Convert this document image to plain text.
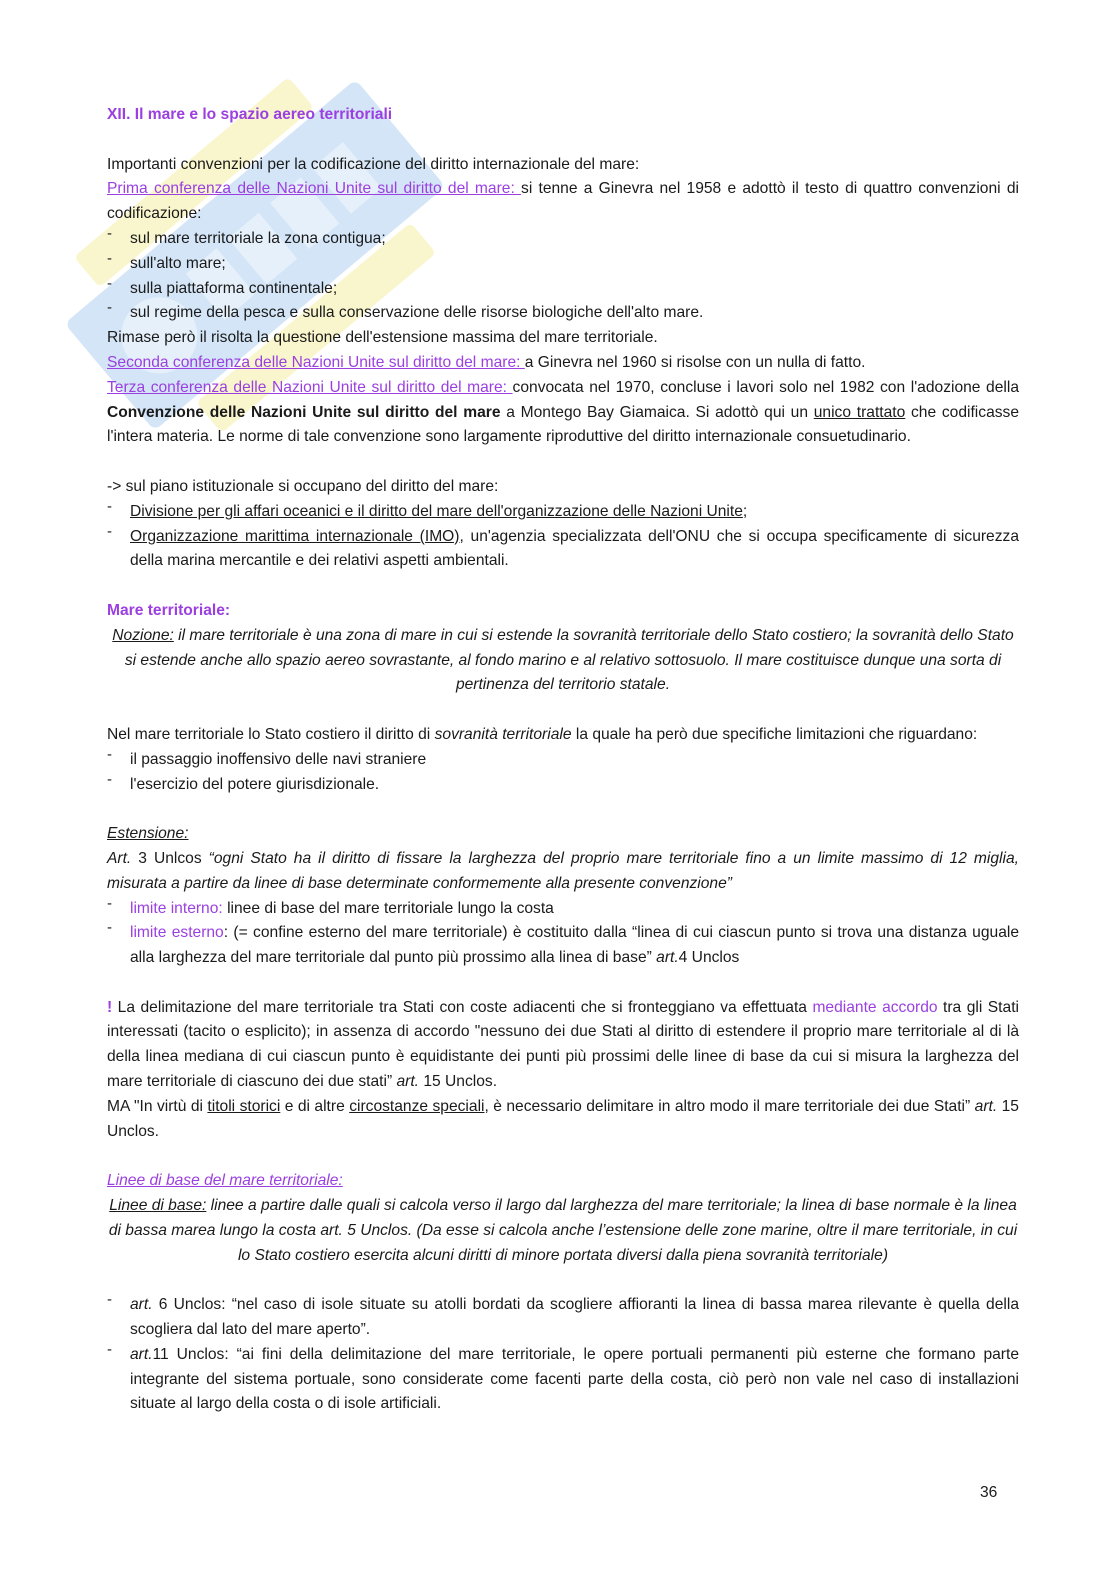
XII. Il mare e lo spazio aereo territoriali

Importanti convenzioni per la codificazione del diritto internazionale del mare:

Prima conferenza delle Nazioni Unite sul diritto del mare: si tenne a Ginevra nel 1958 e adottò il testo di quattro convenzioni di codificazione:

- sul mare territoriale la zona contigua;
- sull'alto mare;
- sulla piattaforma continentale;
- sul regime della pesca e sulla conservazione delle risorse biologiche dell'alto mare.

Rimase però il risolta la questione dell'estensione massima del mare territoriale.

Seconda conferenza delle Nazioni Unite sul diritto del mare: a Ginevra nel 1960 si risolse con un nulla di fatto.

Terza conferenza delle Nazioni Unite sul diritto del mare: convocata nel 1970, concluse i lavori solo nel 1982 con l'adozione della Convenzione delle Nazioni Unite sul diritto del mare a Montego Bay Giamaica. Si adottò qui un unico trattato che codificasse l'intera materia. Le norme di tale convenzione sono largamente riproduttive del diritto internazionale consuetudinario.

-> sul piano istituzionale si occupano del diritto del mare:

- Divisione per gli affari oceanici e il diritto del mare dell'organizzazione delle Nazioni Unite;
- Organizzazione marittima internazionale (IMO), un'agenzia specializzata dell'ONU che si occupa specificamente di sicurezza della marina mercantile e dei relativi aspetti ambientali.

Mare territoriale:

Nozione: il mare territoriale è una zona di mare in cui si estende la sovranità territoriale dello Stato costiero; la sovranità dello Stato si estende anche allo spazio aereo sovrastante, al fondo marino e al relativo sottosuolo. Il mare costituisce dunque una sorta di pertinenza del territorio statale.

Nel mare territoriale lo Stato costiero il diritto di sovranità territoriale la quale ha però due specifiche limitazioni che riguardano:

- il passaggio inoffensivo delle navi straniere
- l'esercizio del potere giurisdizionale.

Estensione:

Art. 3 Unlcos “ogni Stato ha il diritto di fissare la larghezza del proprio mare territoriale fino a un limite massimo di 12 miglia, misurata a partire da linee di base determinate conformemente alla presente convenzione”

- limite interno: linee di base del mare territoriale lungo la costa
- limite esterno: (= confine esterno del mare territoriale) è costituito dalla “linea di cui ciascun punto si trova una distanza uguale alla larghezza del mare territoriale dal punto più prossimo alla linea di base” art.4 Unclos

! La delimitazione del mare territoriale tra Stati con coste adiacenti che si fronteggiano va effettuata mediante accordo tra gli Stati interessati (tacito o esplicito); in assenza di accordo "nessuno dei due Stati al diritto di estendere il proprio mare territoriale al di là della linea mediana di cui ciascun punto è equidistante dei punti più prossimi delle linee di base da cui si misura la larghezza del mare territoriale di ciascuno dei due stati” art. 15 Unclos.

MA "In virtù di titoli storici e di altre circostanze speciali, è necessario delimitare in altro modo il mare territoriale dei due Stati” art. 15 Unclos.

Linee di base del mare territoriale:

Linee di base: linee a partire dalle quali si calcola verso il largo dal larghezza del mare territoriale; la linea di base normale è la linea di bassa marea lungo la costa art. 5 Unclos. (Da esse si calcola anche l’estensione delle zone marine, oltre il mare territoriale, in cui lo Stato costiero esercita alcuni diritti di minore portata diversi dalla piena sovranità territoriale)

- art. 6 Unclos: “nel caso di isole situate su atolli bordati da scogliere affioranti la linea di bassa marea rilevante è quella della scogliera dal lato del mare aperto”.
- art.11 Unclos: “ai fini della delimitazione del mare territoriale, le opere portuali permanenti più esterne che formano parte integrante del sistema portuale, sono considerate come facenti parte della costa, ciò però non vale nel caso di installazioni situate al largo della costa o di isole artificiali.
36
